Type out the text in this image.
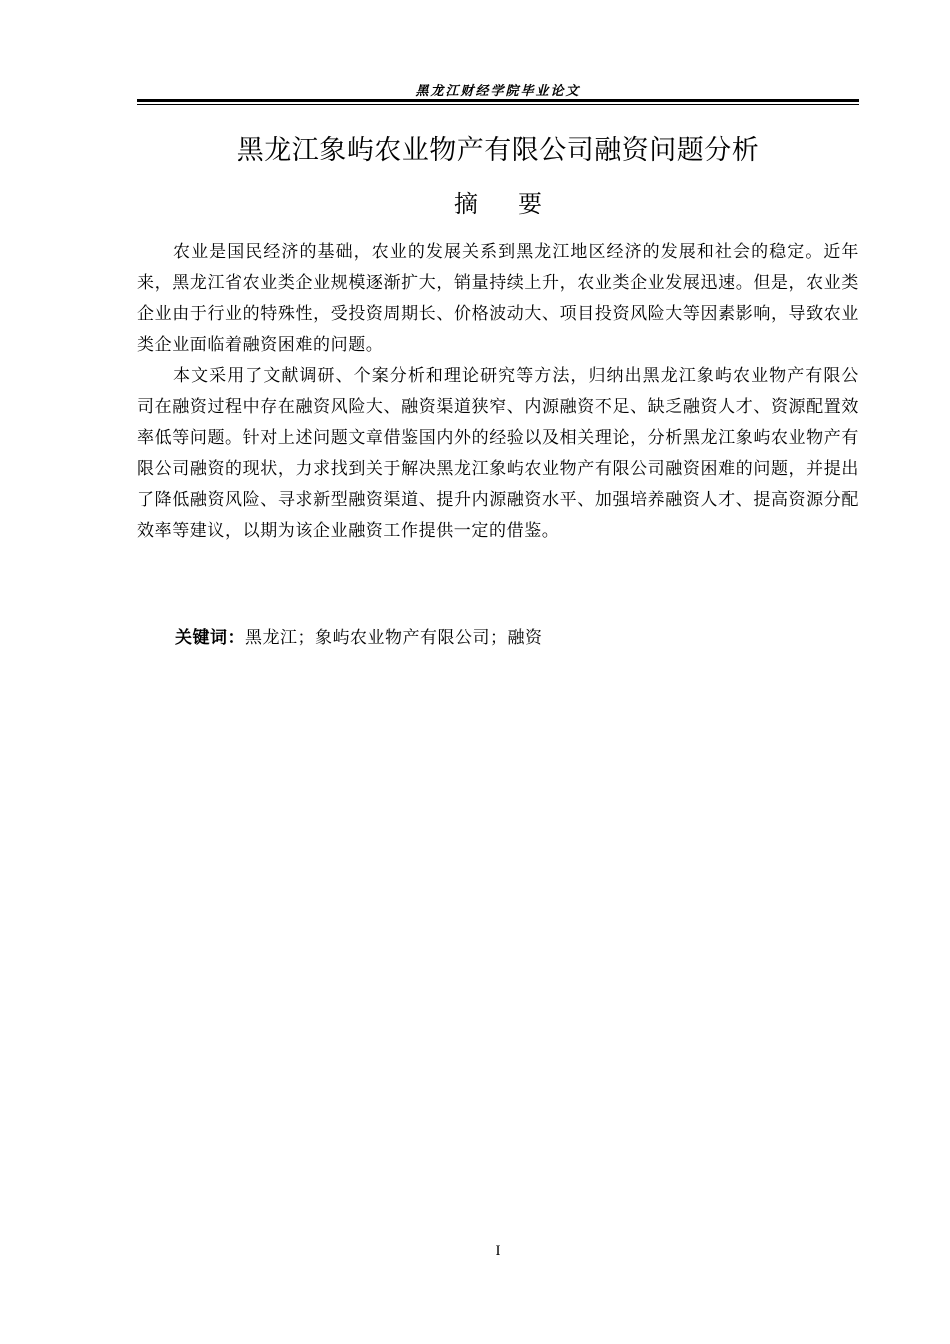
黑龙江财经学院毕业论文
黑龙江象屿农业物产有限公司融资问题分析
摘要

农业是国民经济的基础，农业的发展关系到黑龙江地区经济的发展和社会的稳定。近年来，黑龙江省农业类企业规模逐渐扩大，销量持续上升，农业类企业发展迅速。但是，农业类企业由于行业的特殊性，受投资周期长、价格波动大、项目投资风险大等因素影响，导致农业类企业面临着融资困难的问题。

本文采用了文献调研、个案分析和理论研究等方法，归纳出黑龙江象屿农业物产有限公司在融资过程中存在融资风险大、融资渠道狭窄、内源融资不足、缺乏融资人才、资源配置效率低等问题。针对上述问题文章借鉴国内外的经验以及相关理论，分析黑龙江象屿农业物产有限公司融资的现状，力求找到关于解决黑龙江象屿农业物产有限公司融资困难的问题，并提出了降低融资风险、寻求新型融资渠道、提升内源融资水平、加强培养融资人才、提高资源分配效率等建议，以期为该企业融资工作提供一定的借鉴。

关键词：黑龙江；象屿农业物产有限公司；融资
I
